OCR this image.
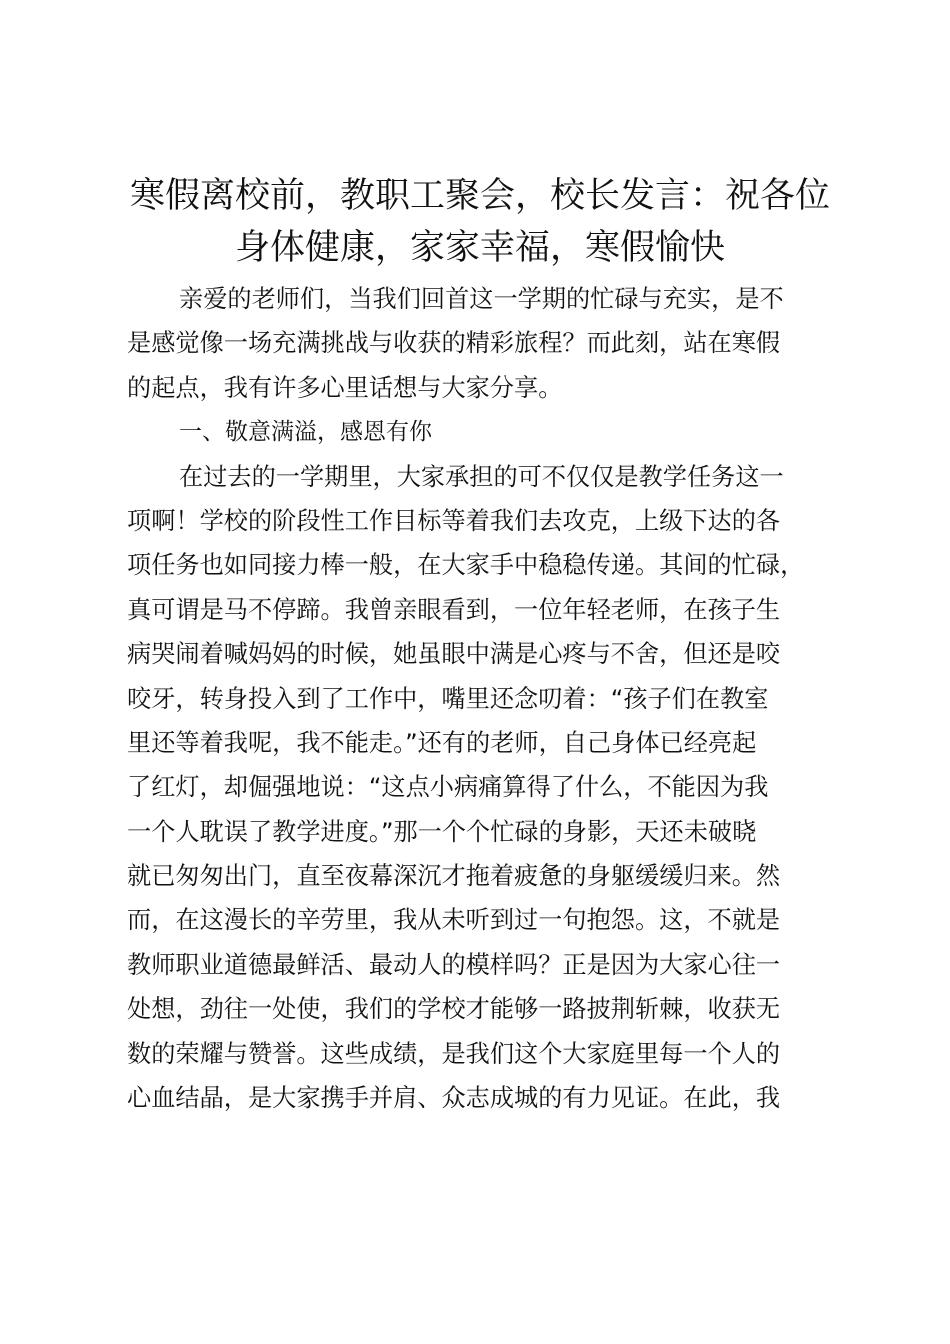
寒假离校前，教职工聚会，校长发言：祝各位
身体健康，家家幸福，寒假愉快
亲爱的老师们，当我们回首这一学期的忙碌与充实，是不
是感觉像一场充满挑战与收获的精彩旅程？而此刻，站在寒假
的起点，我有许多心里话想与大家分享。
一、敬意满溢，感恩有你
在过去的一学期里，大家承担的可不仅仅是教学任务这一
项啊！学校的阶段性工作目标等着我们去攻克，上级下达的各
项任务也如同接力棒一般，在大家手中稳稳传递。其间的忙碌，
真可谓是马不停蹄。我曾亲眼看到，一位年轻老师，在孩子生
病哭闹着喊妈妈的时候，她虽眼中满是心疼与不舍，但还是咬
咬牙，转身投入到了工作中，嘴里还念叨着：“孩子们在教室
里还等着我呢，我不能走。”还有的老师，自己身体已经亮起
了红灯，却倔强地说：“这点小病痛算得了什么，不能因为我
一个人耽误了教学进度。”那一个个忙碌的身影，天还未破晓
就已匆匆出门，直至夜幕深沉才拖着疲惫的身躯缓缓归来。然
而，在这漫长的辛劳里，我从未听到过一句抱怨。这，不就是
教师职业道德最鲜活、最动人的模样吗？正是因为大家心往一
处想，劲往一处使，我们的学校才能够一路披荆斩棘，收获无
数的荣耀与赞誉。这些成绩，是我们这个大家庭里每一个人的
心血结晶，是大家携手并肩、众志成城的有力见证。在此，我
